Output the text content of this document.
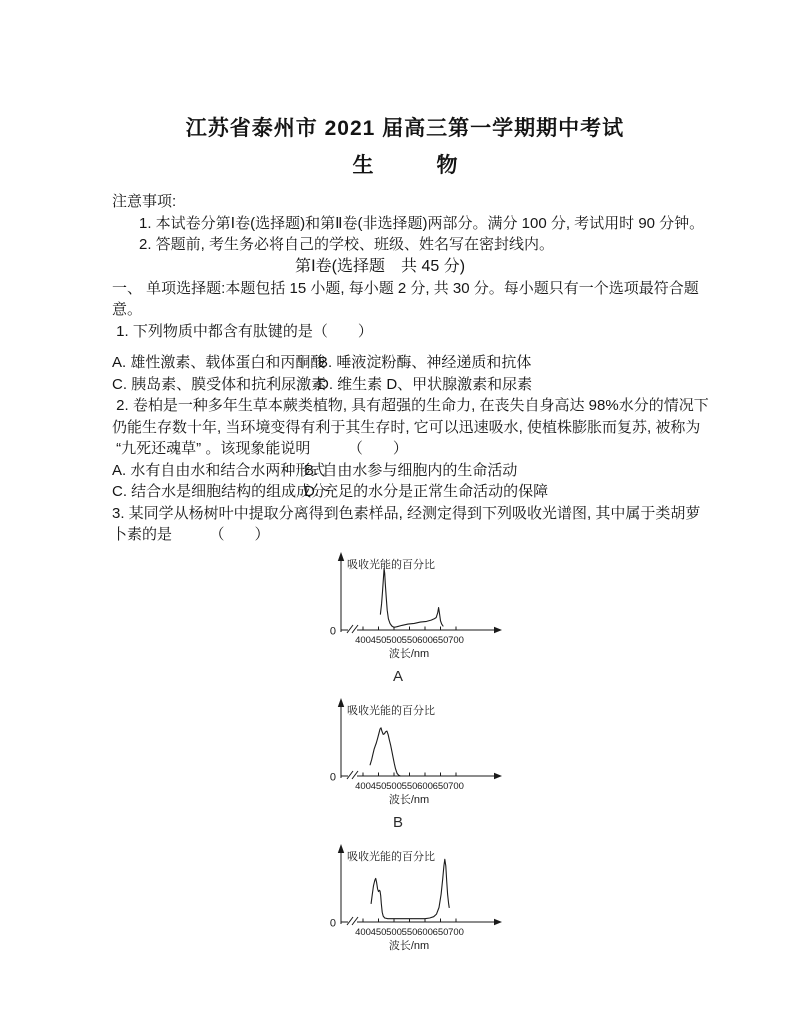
江苏省泰州市 2021 届高三第一学期期中考试
生　　　物
注意事项:
1. 本试卷分第Ⅰ卷(选择题)和第Ⅱ卷(非选择题)两部分。满分 100 分, 考试用时 90 分钟。
2. 答题前, 考生务必将自己的学校、班级、姓名写在密封线内。
第Ⅰ卷(选择题　共 45 分)
一、 单项选择题:本题包括 15 小题, 每小题 2 分, 共 30 分。每小题只有一个选项最符合题
意。
1. 下列物质中都含有肽键的是（　　）
A. 雄性激素、载体蛋白和丙酮酸
B. 唾液淀粉酶、神经递质和抗体
C. 胰岛素、膜受体和抗利尿激素
D. 维生素 D、甲状腺激素和尿素
2. 卷柏是一种多年生草本蕨类植物, 具有超强的生命力, 在丧失自身高达 98%水分的情况下
仍能生存数十年, 当环境变得有利于其生存时, 它可以迅速吸水, 使植株膨胀而复苏, 被称为
“九死还魂草” 。该现象能说明　　　（　　）
A. 水有自由水和结合水两种形式
B. 自由水参与细胞内的生命活动
C. 结合水是细胞结构的组成成分
D. 充足的水分是正常生命活动的保障
3. 某同学从杨树叶中提取分离得到色素样品, 经测定得到下列吸收光谱图, 其中属于类胡萝
卜素的是　　　（　　）
吸收光能的百分比
0
400 450 500 550 600 650 700
波长/nm
A
吸收光能的百分比
0
400 450 500 550 600 650 700
波长/nm
B
吸收光能的百分比
0
400 450 500 550 600 650 700
波长/nm
